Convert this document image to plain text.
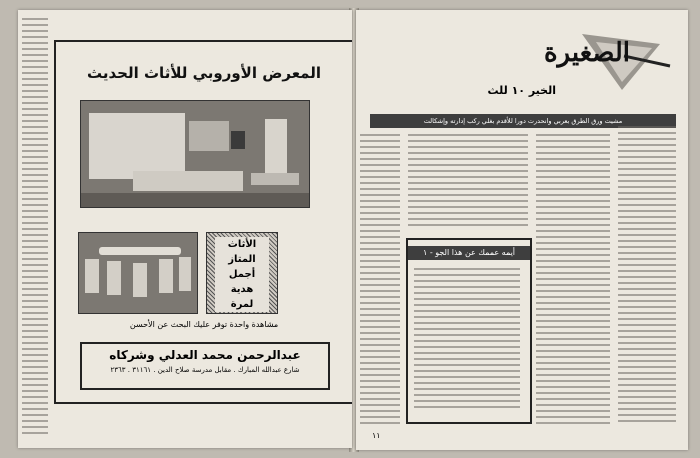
المعرض الأوروبي للأثاث الحديث
الأثاث
المتاز
أجمل
هدية
لمرة
مشاهدة واحدة توفر عليك البحث عن الأحسن
عبدالرحمن محمد العدلي وشركاه
شارع عبدالله المبارك . مقابل مدرسة صلاح الدين . ٣١١٦١ . ٢٣٦٣
الصغيرة
الخير ١٠ للث
مشيت ورق الطرق بعربي وانحدرت دورا للأقدم بغلي ركب إدارته وإشكالت
أيمه عممك عن هذا الجو - ١
١١
